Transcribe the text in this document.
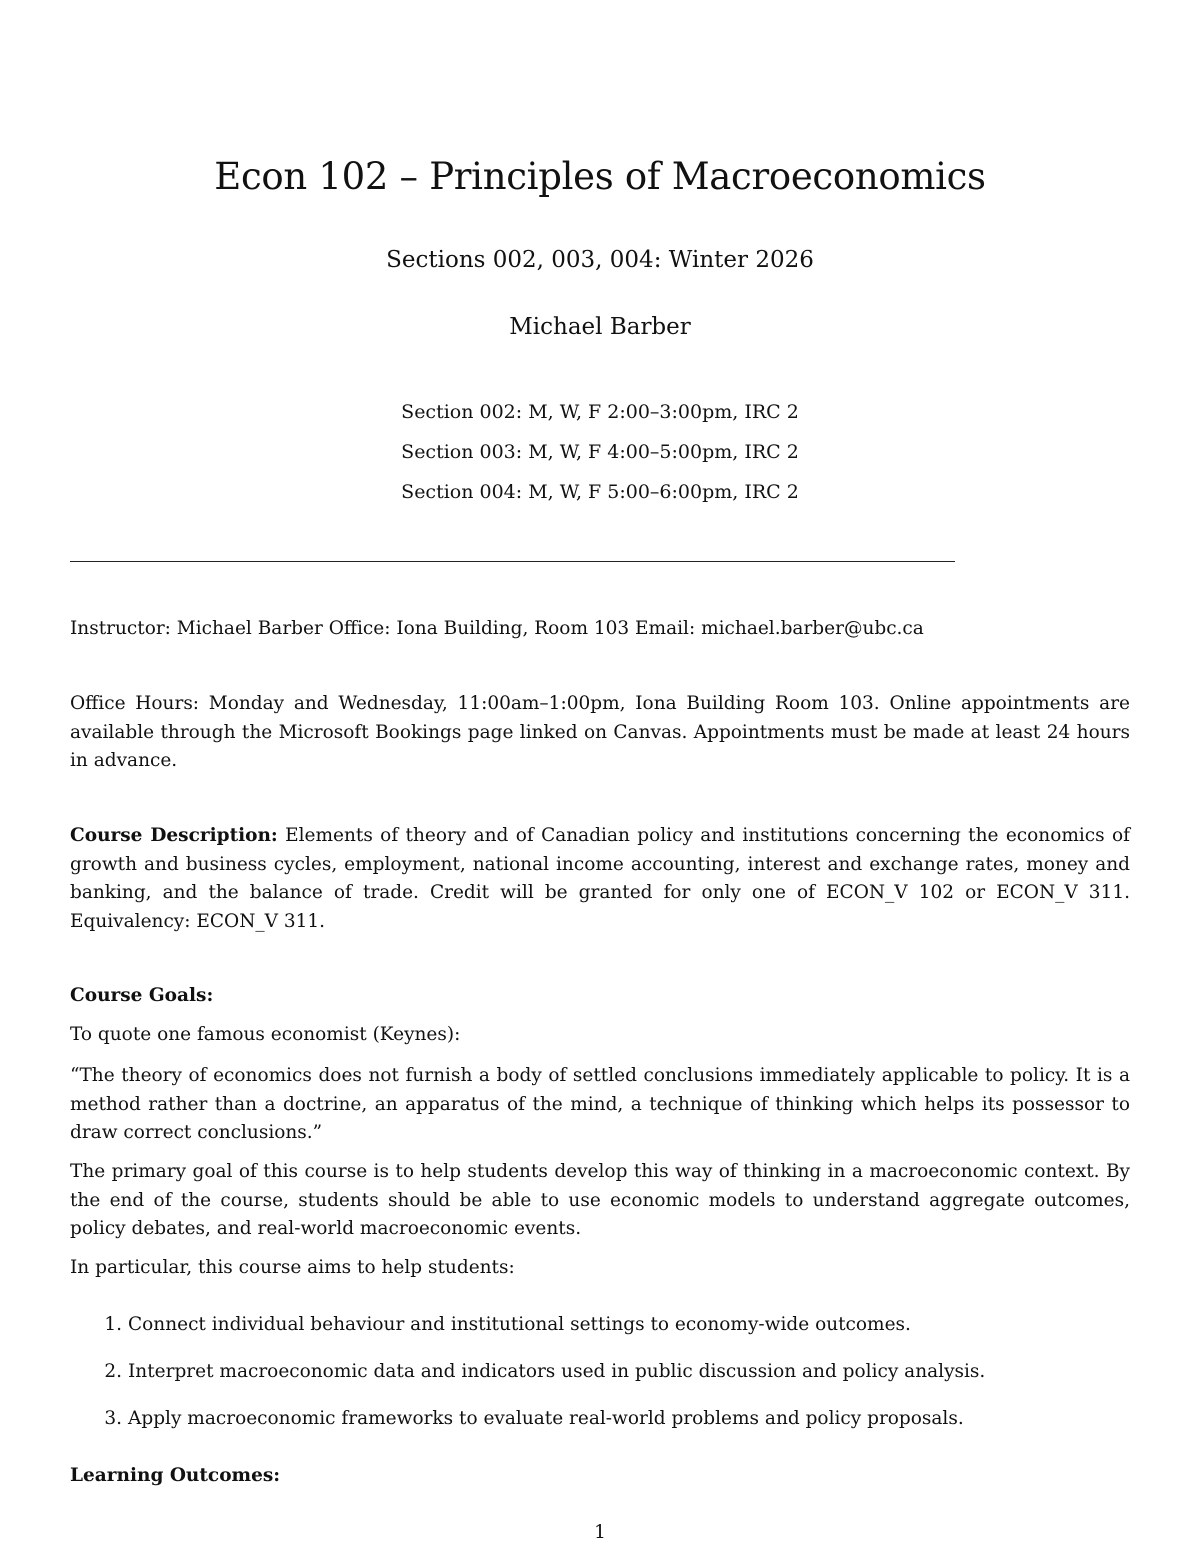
Econ 102 – Principles of Macroeconomics
Sections 002, 003, 004: Winter 2026
Michael Barber
Section 002: M, W, F 2:00–3:00pm, IRC 2
Section 003: M, W, F 4:00–5:00pm, IRC 2
Section 004: M, W, F 5:00–6:00pm, IRC 2

Instructor: Michael Barber Office: Iona Building, Room 103 Email: michael.barber@ubc.ca

Office Hours: Monday and Wednesday, 11:00am–1:00pm, Iona Building Room 103. Online appointments are available through the Microsoft Bookings page linked on Canvas. Appointments must be made at least 24 hours in advance.

Course Description: Elements of theory and of Canadian policy and institutions concerning the economics of growth and business cycles, employment, national income accounting, interest and exchange rates, money and banking, and the balance of trade. Credit will be granted for only one of ECON_V 102 or ECON_V 311. Equivalency: ECON_V 311.

Course Goals:

To quote one famous economist (Keynes):

“The theory of economics does not furnish a body of settled conclusions immediately applicable to policy. It is a method rather than a doctrine, an apparatus of the mind, a technique of thinking which helps its possessor to draw correct conclusions.”

The primary goal of this course is to help students develop this way of thinking in a macroeconomic context. By the end of the course, students should be able to use economic models to understand aggregate outcomes, policy debates, and real-world macroeconomic events.

In particular, this course aims to help students:

1. Connect individual behaviour and institutional settings to economy-wide outcomes.
2. Interpret macroeconomic data and indicators used in public discussion and policy analysis.
3. Apply macroeconomic frameworks to evaluate real-world problems and policy proposals.

Learning Outcomes:

1
